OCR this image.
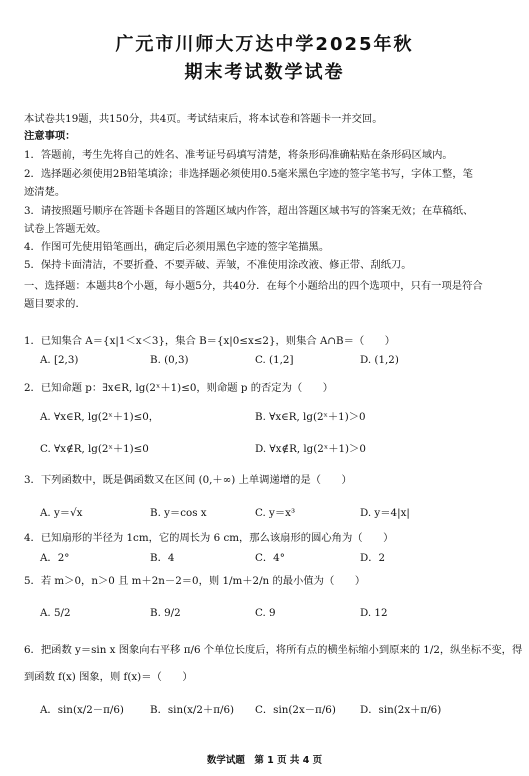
广元市川师大万达中学2025年秋
期末考试数学试卷
本试卷共19题，共150分，共4页。考试结束后，将本试卷和答题卡一并交回。
注意事项：
1．答题前，考生先将自己的姓名、准考证号码填写清楚，将条形码准确粘贴在条形码区域内。
2．选择题必须使用2B铅笔填涂；非选择题必须使用0.5毫米黑色字迹的签字笔书写，字体工整，笔
迹清楚。
3．请按照题号顺序在答题卡各题目的答题区域内作答，超出答题区域书写的答案无效；在草稿纸、
试卷上答题无效。
4．作图可先使用铅笔画出，确定后必须用黑色字迹的签字笔描黑。
5．保持卡面清洁，不要折叠、不要弄破、弄皱，不准使用涂改液、修正带、刮纸刀。
一、选择题：本题共8个小题，每小题5分，共40分．在每个小题给出的四个选项中，只有一项是符合
题目要求的．
1．已知集合 A＝{x|1＜x＜3}，集合 B＝{x|0≤x≤2}，则集合 A∩B＝（　　）
A. [2,3)	B. (0,3)	C. (1,2]	D. (1,2)
2．已知命题 p：∃x∈R, lg(2ˣ＋1)≤0，则命题 p 的否定为（　　）
A. ∀x∈R, lg(2ˣ＋1)≤0，	B. ∀x∈R, lg(2ˣ＋1)＞0
C. ∀x∉R, lg(2ˣ＋1)≤0	D. ∀x∉R, lg(2ˣ＋1)＞0
3．下列函数中，既是偶函数又在区间 (0,＋∞) 上单调递增的是（　　）
A. y＝√x	B. y＝cos x	C. y＝x³	D. y＝4|x|
4．已知扇形的半径为 1cm，它的周长为 6 cm，那么该扇形的圆心角为（　　）
A．2°	B．4	C．4°	D．2
5．若 m＞0，n＞0 且 m＋2n－2＝0，则 1/m＋2/n 的最小值为（　　）
A. 5/2	B. 9/2	C. 9	D. 12
6．把函数 y＝sin x 图象向右平移 π/6 个单位长度后，将所有点的横坐标缩小到原来的 1/2，纵坐标不变，得
到函数 f(x) 图象，则 f(x)＝（　　）
A．sin(x/2－π/6)	B．sin(x/2＋π/6) C．sin(2x－π/6) D．sin(2x＋π/6)
数学试题　第 1 页 共 4 页
